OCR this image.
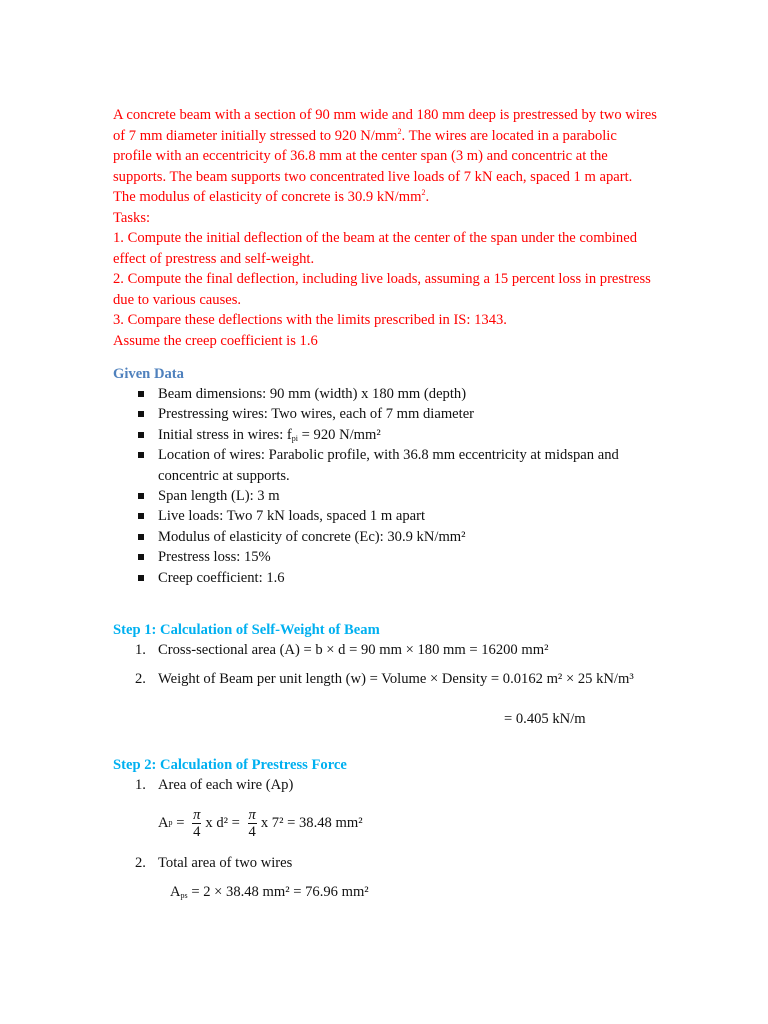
A concrete beam with a section of 90 mm wide and 180 mm deep is prestressed by two wires of 7 mm diameter initially stressed to 920 $N/mm^2$. The wires are located in a parabolic profile with an eccentricity of 36.8 mm at the center span (3 m) and concentric at the supports. The beam supports two concentrated live loads of 7 kN each, spaced 1 m apart. The modulus of elasticity of concrete is 30.9 $kN/mm^2$.

Tasks:

1. Compute the initial deflection of the beam at the center of the span under the combined effect of prestress and self-weight.

2. Compute the final deflection, including live loads, assuming a 15 percent loss in prestress due to various causes.

3. Compare these deflections with the limits prescribed in IS: 1343.

Assume the creep coefficient is 1.6

Given Data

Beam dimensions: 90 mm (width) x 180 mm (depth)
Prestressing wires: Two wires, each of 7 mm diameter
Initial stress in wires: $f_{pi} = 920$ N/mm²
Location of wires: Parabolic profile, with 36.8 mm eccentricity at midspan and concentric at supports.
Span length (L): 3 m
Live loads: Two 7 kN loads, spaced 1 m apart
Modulus of elasticity of concrete (Ec): 30.9 kN/mm²
Prestress loss: 15%
Creep coefficient: 1.6

Step 1: Calculation of Self-Weight of Beam

1. Cross-sectional area (A) = b × d = 90 mm × 180 mm = 16200 mm²
2. Weight of Beam per unit length (w) = Volume × Density = 0.0162 m² × 25 kN/m³
= 0.405 kN/m

Step 2: Calculation of Prestress Force

1. Area of each wire (Ap)
A $p = \frac{\pi}{4}$ x $d^2 = \frac{\pi}{4}$ x 7² = 38.48 mm²
2. Total area of two wires
$A_{ps} = 2 \times 38.48$ mm² = 76.96 mm²
